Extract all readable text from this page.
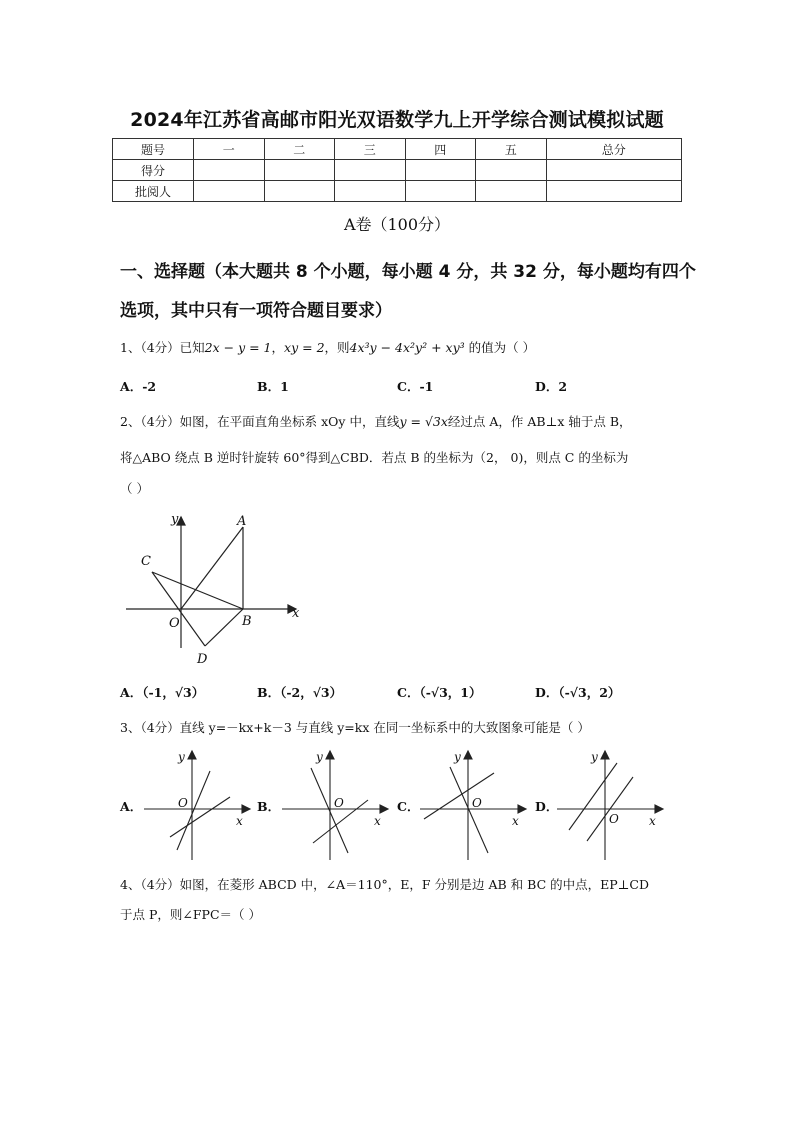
2024年江苏省高邮市阳光双语数学九上开学综合测试模拟试题
题号	一	二	三	四	五	总分
得分						
批阅人						
A卷（100分）
一、选择题（本大题共 8 个小题，每小题 4 分，共 32 分，每小题均有四个选项，其中只有一项符合题目要求）
1、（4分）已知2x − y = 1，xy = 2，则4x³y − 4x²y² + xy³ 的值为（ ）
A．-2	B．1	C．-1	D．2
2、（4分）如图，在平面直角坐标系 xOy 中，直线y = √3x经过点 A，作 AB⊥x 轴于点 B，
将△ABO 绕点 B 逆时针旋转 60°得到△CBD．若点 B 的坐标为（2， 0)，则点 C 的坐标为
（ ）
y	A
C
x
O	B
D
A．（-1，√3）	B．（-2，√3）	C．（-√3，1）	D．（-√3，2）
3、（4分）直线 y=－kx+k－3 与直线 y=kx 在同一坐标系中的大致图象可能是（ ）
A．
y
O
x
B．
y
O
x
C．
y
O
x
D．
y
O	x
4、（4分）如图，在菱形 ABCD 中，∠A＝110°，E，F 分别是边 AB 和 BC 的中点，EP⊥CD
于点 P，则∠FPC＝（ ）
